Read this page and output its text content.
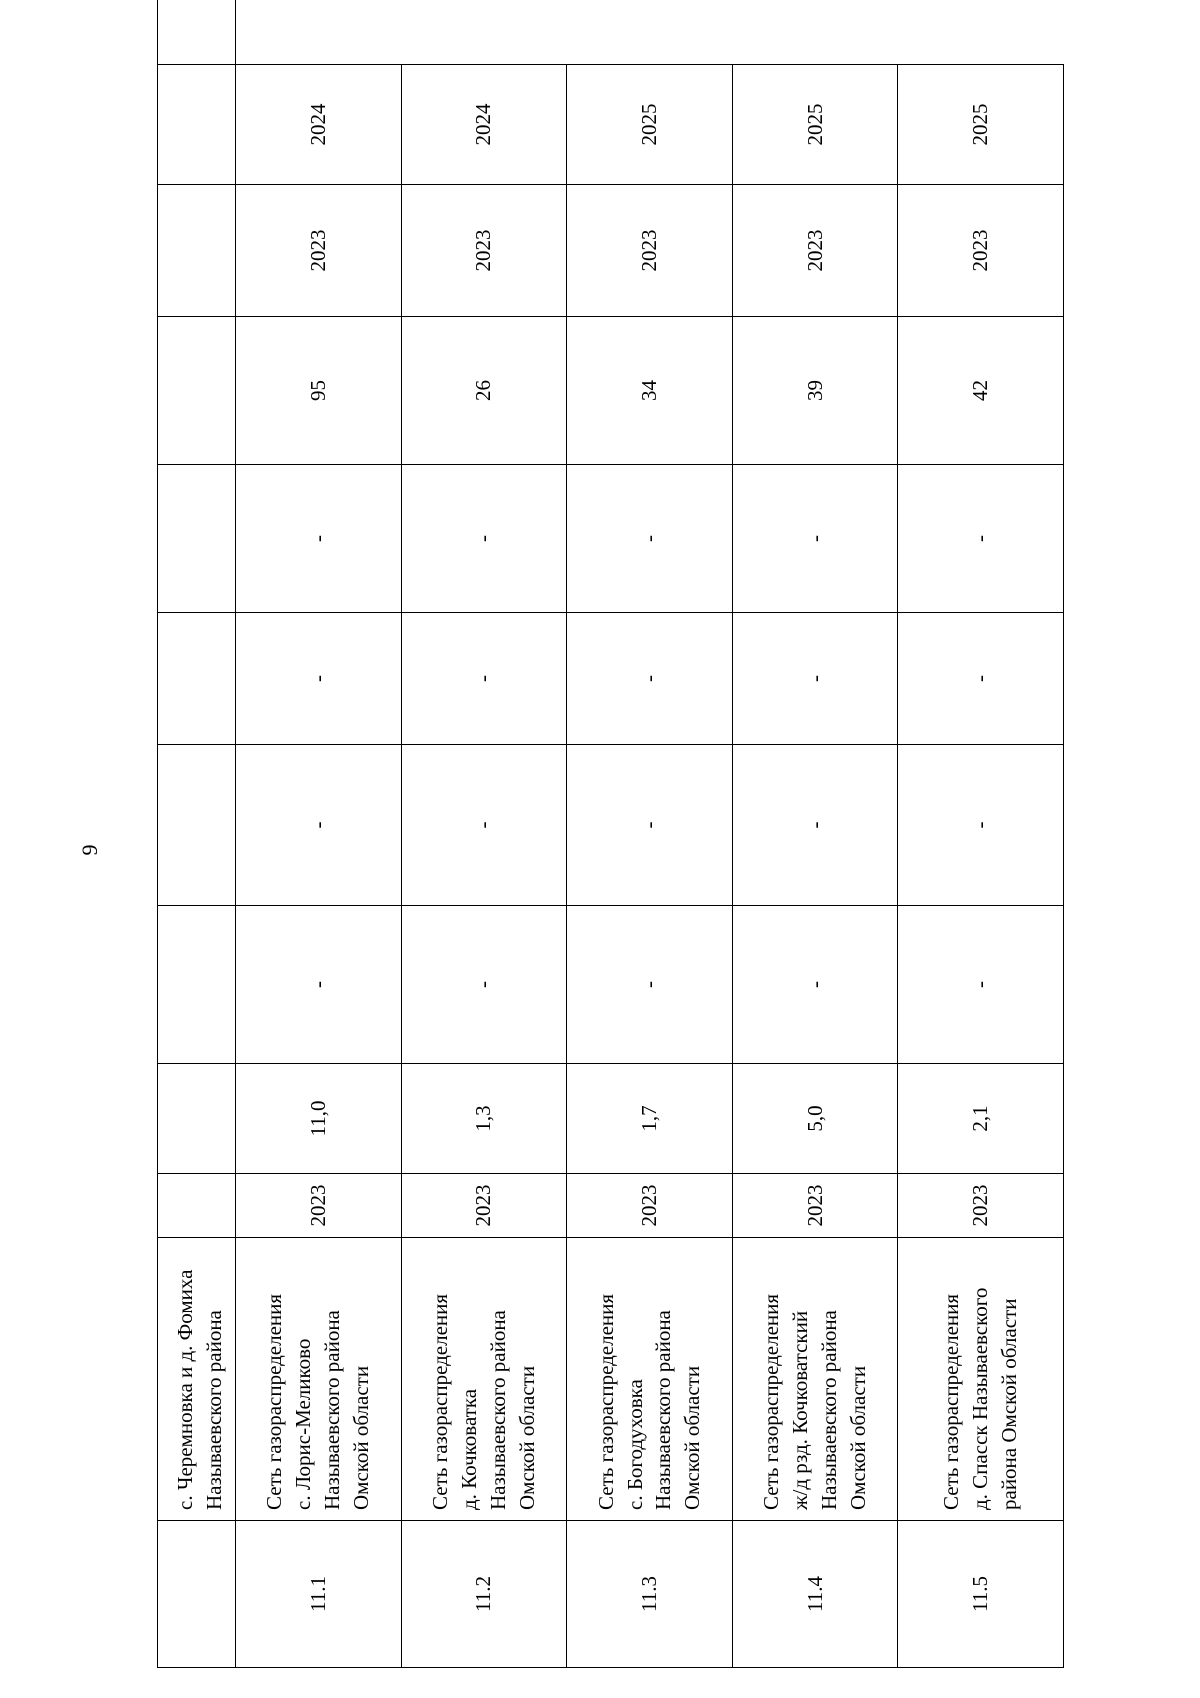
9
	с. Черемновка и д. Фомиха Называевского района										
11.1	Сеть газораспределения с. Лорис-Меликово Называевского района Омской области	2023	11,0	-	-	-	-	95	2023	2024	
11.2	Сеть газораспределения д. Кочковатка Называевского района Омской области	2023	1,3	-	-	-	-	26	2023	2024	
11.3	Сеть газораспределения с. Богодуховка Называевского района Омской области	2023	1,7	-	-	-	-	34	2023	2025	
11.4	Сеть газораспределения ж/д рзд. Кочковатский Называевского района Омской области	2023	5,0	-	-	-	-	39	2023	2025	
11.5	Сеть газораспределения д. Спасск Называевского района Омской области	2023	2,1	-	-	-	-	42	2023	2025	
